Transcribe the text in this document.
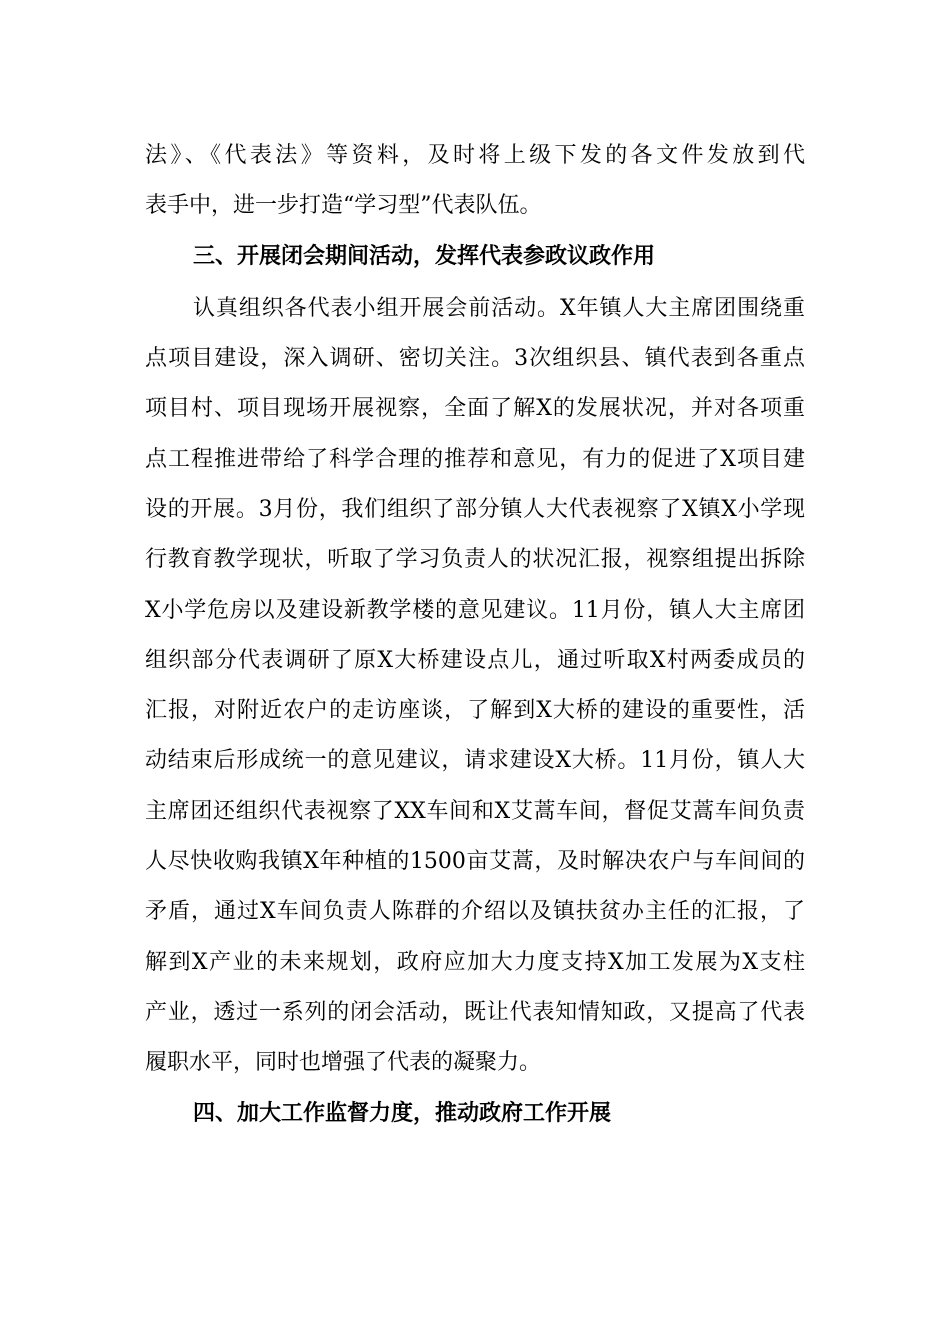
法》、《代表法》等资料，及时将上级下发的各文件发放到代
表手中，进一步打造“学习型”代表队伍。
三、开展闭会期间活动，发挥代表参政议政作用
认真组织各代表小组开展会前活动。X年镇人大主席团围绕重
点项目建设，深入调研、密切关注。3次组织县、镇代表到各重点
项目村、项目现场开展视察，全面了解X的发展状况，并对各项重
点工程推进带给了科学合理的推荐和意见，有力的促进了X项目建
设的开展。3月份，我们组织了部分镇人大代表视察了X镇X小学现
行教育教学现状，听取了学习负责人的状况汇报，视察组提出拆除
X小学危房以及建设新教学楼的意见建议。11月份，镇人大主席团
组织部分代表调研了原X大桥建设点儿，通过听取X村两委成员的
汇报，对附近农户的走访座谈，了解到X大桥的建设的重要性，活
动结束后形成统一的意见建议，请求建设X大桥。11月份，镇人大
主席团还组织代表视察了XX车间和X艾蒿车间，督促艾蒿车间负责
人尽快收购我镇X年种植的1500亩艾蒿，及时解决农户与车间间的
矛盾，通过X车间负责人陈群的介绍以及镇扶贫办主任的汇报，了
解到X产业的未来规划，政府应加大力度支持X加工发展为X支柱
产业，透过一系列的闭会活动，既让代表知情知政，又提高了代表
履职水平，同时也增强了代表的凝聚力。
四、加大工作监督力度，推动政府工作开展
